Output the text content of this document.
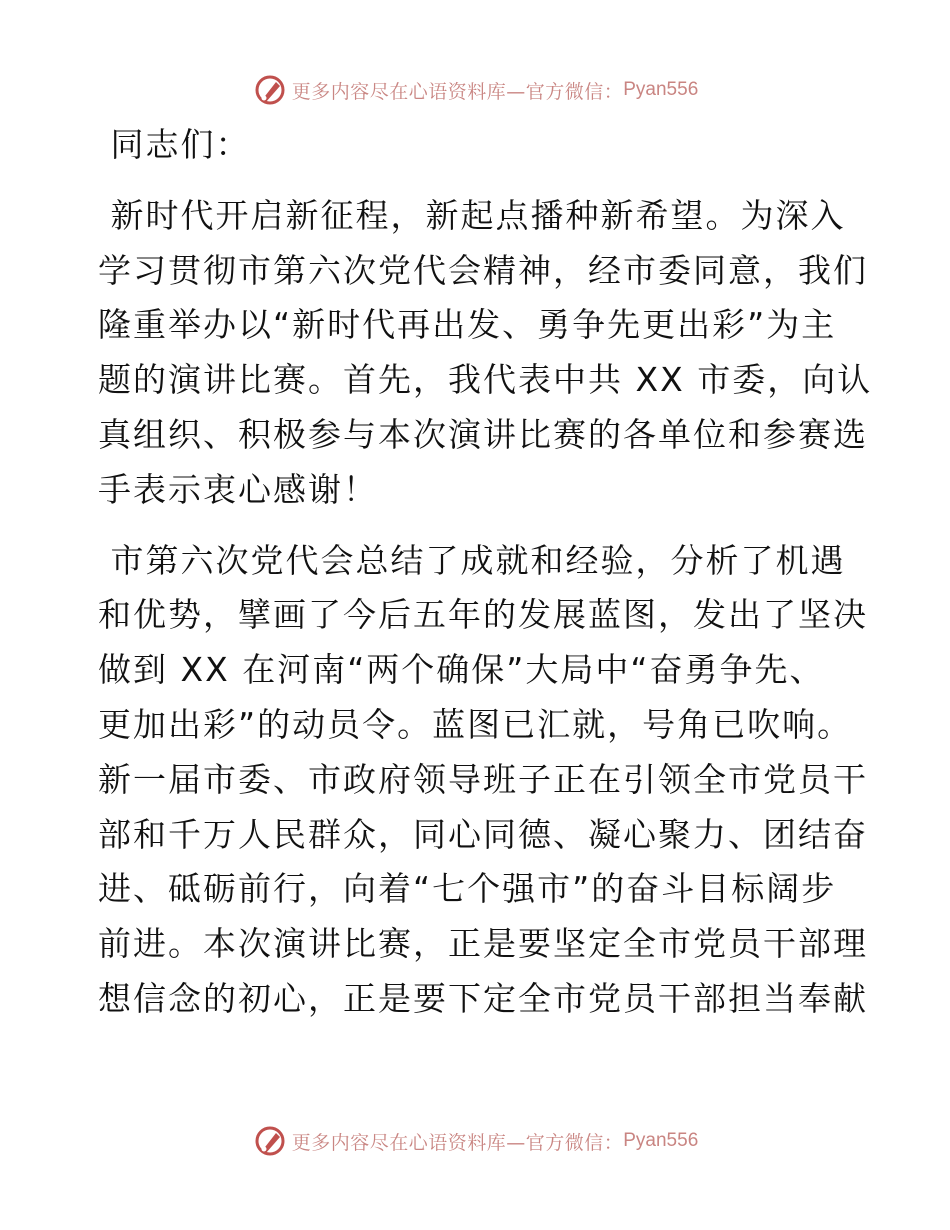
更多内容尽在心语资料库—官方微信： Pyan556

同志们：

新时代开启新征程，新起点播种新希望。为深入

学习贯彻市第六次党代会精神，经市委同意，我们

隆重举办以“新时代再出发、勇争先更出彩”为主

题的演讲比赛。首先，我代表中共 XX 市委，向认

真组织、积极参与本次演讲比赛的各单位和参赛选

手表示衷心感谢！

市第六次党代会总结了成就和经验，分析了机遇

和优势，擘画了今后五年的发展蓝图，发出了坚决

做到 XX 在河南“两个确保”大局中“奋勇争先、

更加出彩”的动员令。蓝图已汇就，号角已吹响。

新一届市委、市政府领导班子正在引领全市党员干

部和千万人民群众，同心同德、凝心聚力、团结奋

进、砥砺前行，向着“七个强市”的奋斗目标阔步

前进。本次演讲比赛，正是要坚定全市党员干部理

想信念的初心，正是要下定全市党员干部担当奉献

更多内容尽在心语资料库—官方微信： Pyan556
